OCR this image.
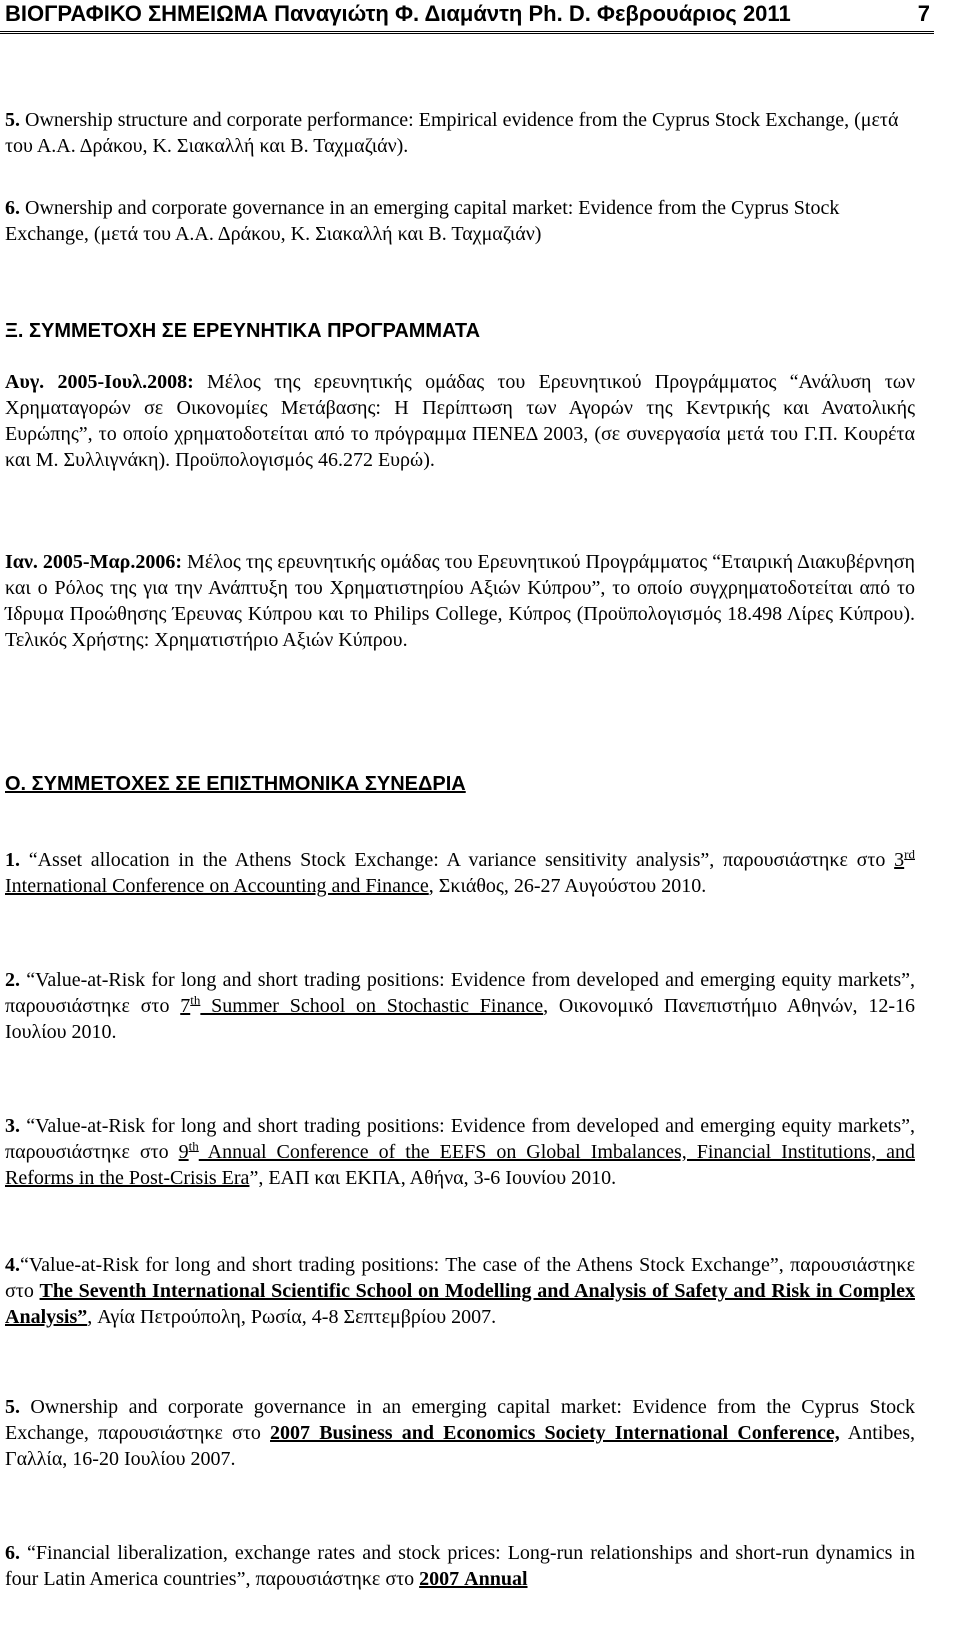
ΒΙΟΓΡΑΦΙΚΟ ΣΗΜΕΙΩΜΑ Παναγιώτη Φ. Διαμάντη Ph. D. Φεβρουάριος 2011	7
5. Ownership structure and corporate performance: Empirical evidence from the Cyprus Stock Exchange, (μετά του Α.Α. Δράκου, Κ. Σιακαλλή και Β. Ταχμαζιάν).
6. Ownership and corporate governance in an emerging capital market: Evidence from the Cyprus Stock Exchange, (μετά του Α.Α. Δράκου, Κ. Σιακαλλή και Β. Ταχμαζιάν)
Ξ. ΣΥΜΜΕΤΟΧΗ ΣΕ ΕΡΕΥΝΗΤΙΚΑ ΠΡΟΓΡΑΜΜΑΤΑ
Αυγ. 2005-Ιουλ.2008: Μέλος της ερευνητικής ομάδας του Ερευνητικού Προγράμματος “Ανάλυση των Χρηματαγορών σε Οικονομίες Μετάβασης: Η Περίπτωση των Αγορών της Κεντρικής και Ανατολικής Ευρώπης”, το οποίο χρηματοδοτείται από το πρόγραμμα ΠΕΝΕΔ 2003, (σε συνεργασία μετά του Γ.Π. Κουρέτα και Μ. Συλλιγνάκη). Προϋπολογισμός 46.272 Ευρώ).
Ιαν. 2005-Μαρ.2006: Μέλος της ερευνητικής ομάδας του Ερευνητικού Προγράμματος “Εταιρική Διακυβέρνηση και ο Ρόλος της για την Ανάπτυξη του Χρηματιστηρίου Αξιών Κύπρου”, το οποίο συγχρηματοδοτείται από το Ίδρυμα Προώθησης Έρευνας Κύπρου και το Philips College, Κύπρος (Προϋπολογισμός 18.498 Λίρες Κύπρου). Τελικός Χρήστης: Χρηματιστήριο Αξιών Κύπρου.
Ο. ΣΥΜΜΕΤΟΧΕΣ ΣΕ ΕΠΙΣΤΗΜΟΝΙΚΑ ΣΥΝΕΔΡΙΑ
1. “Asset allocation in the Athens Stock Exchange: A variance sensitivity analysis”, παρουσιάστηκε στο 3rd International Conference on Accounting and Finance, Σκιάθος, 26-27 Αυγούστου 2010.
2. “Value-at-Risk for long and short trading positions: Evidence from developed and emerging equity markets”, παρουσιάστηκε στο 7th Summer School on Stochastic Finance, Οικονομικό Πανεπιστήμιο Αθηνών, 12-16 Ιουλίου 2010.
3. “Value-at-Risk for long and short trading positions: Evidence from developed and emerging equity markets”, παρουσιάστηκε στο 9th Annual Conference of the EEFS on Global Imbalances, Financial Institutions, and Reforms in the Post-Crisis Era”, ΕΑΠ και ΕΚΠΑ, Αθήνα, 3-6 Ιουνίου 2010.
4.“Value-at-Risk for long and short trading positions: The case of the Athens Stock Exchange”, παρουσιάστηκε στο The Seventh International Scientific School on Modelling and Analysis of Safety and Risk in Complex Analysis”, Αγία Πετρούπολη, Ρωσία, 4-8 Σεπτεμβρίου 2007.
5. Ownership and corporate governance in an emerging capital market: Evidence from the Cyprus Stock Exchange, παρουσιάστηκε στο 2007 Business and Economics Society International Conference, Antibes, Γαλλία, 16-20 Ιουλίου 2007.
6. “Financial liberalization, exchange rates and stock prices: Long-run relationships and short-run dynamics in four Latin America countries”, παρουσιάστηκε στο 2007 Annual
